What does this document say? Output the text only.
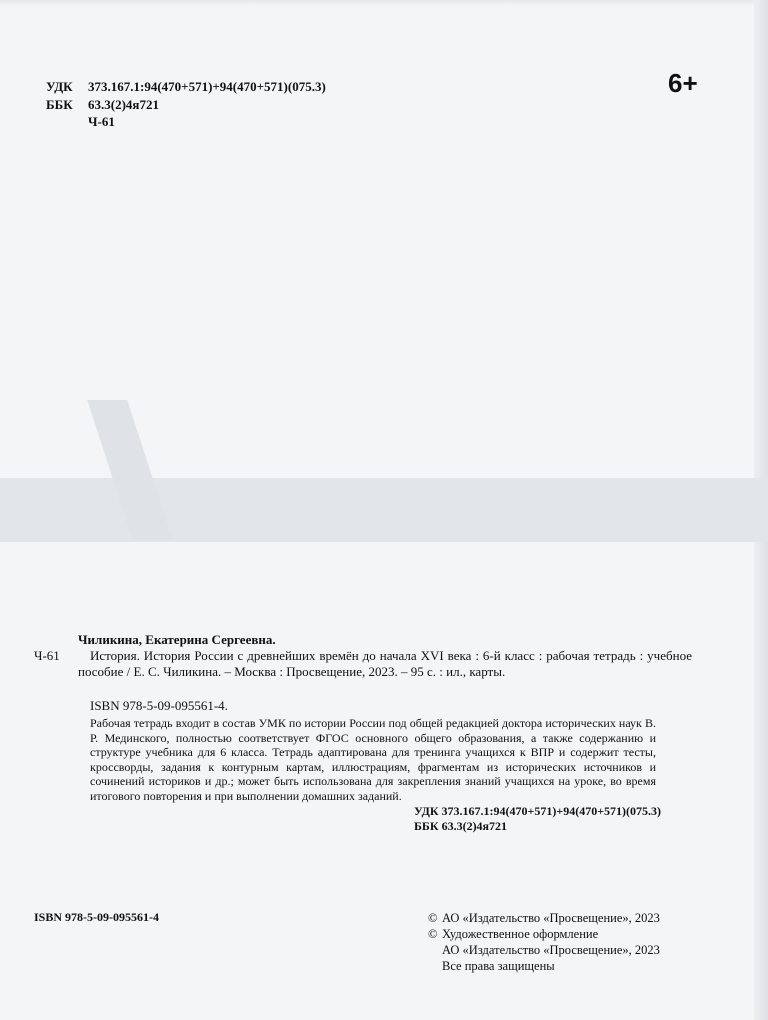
УДК	373.167.1:94(470+571)+94(470+571)(075.3)
ББК	63.3(2)4я721
Ч-61
6+
Ч-61
Чиликина, Екатерина Сергеевна.
История. История России с древнейших времён до начала XVI века : 6-й класс : рабочая тетрадь : учебное пособие / Е. С. Чиликина. – Москва : Просвещение, 2023. – 95 с. : ил., карты.
ISBN 978-5-09-095561-4.
Рабочая тетрадь входит в состав УМК по истории России под общей редакцией доктора исторических наук В. Р. Мединского, полностью соответствует ФГОС основного общего образования, а также содержанию и структуре учебника для 6 класса. Тетрадь адаптирована для тренинга учащихся к ВПР и содержит тесты, кроссворды, задания к контурным картам, иллюстрациям, фрагментам из исторических источников и сочинений историков и др.; может быть использована для закрепления знаний учащихся на уроке, во время итогового повторения и при выполнении домашних заданий.
УДК 373.167.1:94(470+571)+94(470+571)(075.3)
ББК 63.3(2)4я721
ISBN 978-5-09-095561-4	© АО «Издательство «Просвещение», 2023
© Художественное оформление
АО «Издательство «Просвещение», 2023
Все права защищены
